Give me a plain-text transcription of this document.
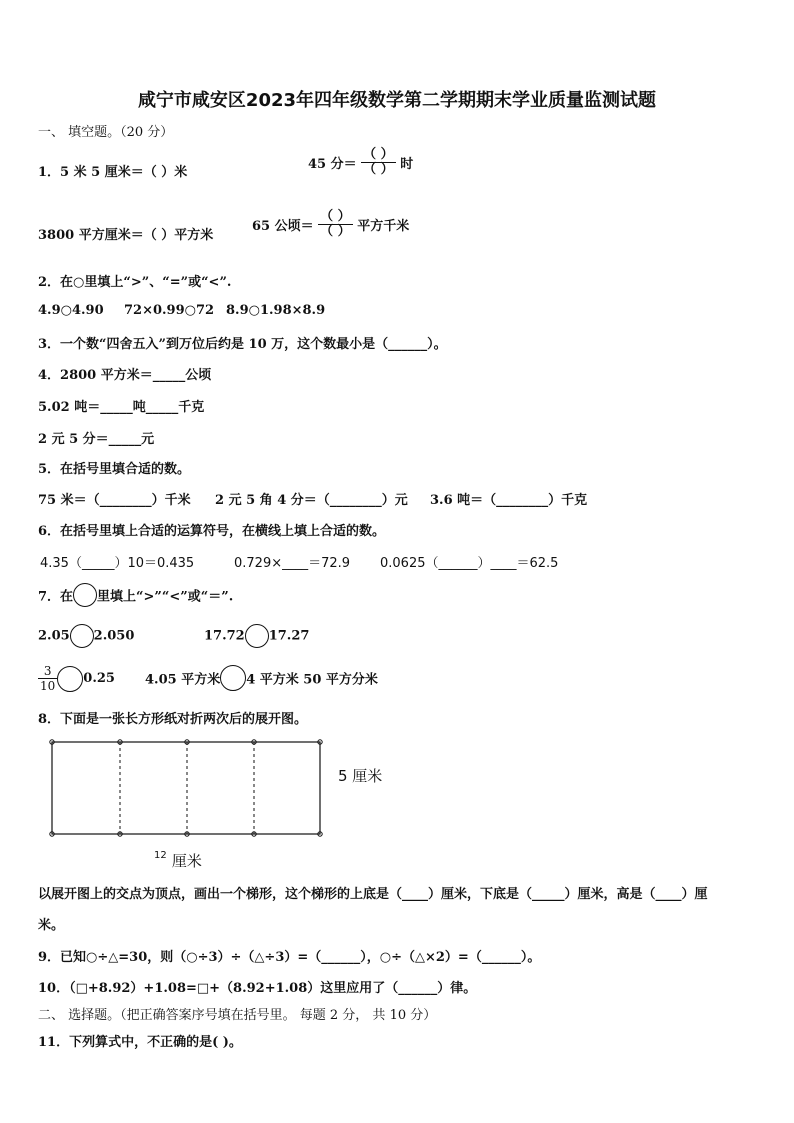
咸宁市咸安区2023年四年级数学第二学期期末学业质量监测试题
一、 填空题。（20 分）
1．5 米 5 厘米＝（ ）米
45 分＝ $\frac{( )}{( )}$ 时
3800 平方厘米＝（ ）平方米
65 公顷＝ $\frac{( )}{( )}$ 平方千米
2．在○里填上“>”、“=”或“<”.
4.9○4.90 72×0.99○72 8.9○1.98×8.9
3．一个数“四舍五入”到万位后约是 10 万，这个数最小是（______）。
4．2800 平方米＝_____公顷
5.02 吨＝_____吨_____千克
2 元 5 分＝_____元
5．在括号里填合适的数。
75 米＝（________）千米 2 元 5 角 4 分＝（________）元 3.6 吨＝（________）千克
6．在括号里填上合适的运算符号，在横线上填上合适的数。
4.35（_____）10＝0.435	0.729×____＝72.9 0.0625（______）____＝62.5
7．在 里填上“>”“<”或“＝”.
2.05 2.050	17.72 17.27
$\frac{3}{10} 0.25$ 4.05 平方米 4 平方米 50 平方分米
8．下面是一张长方形纸对折两次后的展开图。
5 厘米
$^{12}$ 厘米
以展开图上的交点为顶点，画出一个梯形，这个梯形的上底是（____）厘米，下底是（_____）厘米，高是（____）厘
米。
9．已知○÷△=30，则（○÷3）÷（△÷3）=（______），○÷（△×2）=（______）。
10．（□+8.92）+1.08=□+（8.92+1.08）这里应用了（______）律。
二、 选择题。（把正确答案序号填在括号里。 每题 2 分， 共 10 分）
11．下列算式中，不正确的是( )。
